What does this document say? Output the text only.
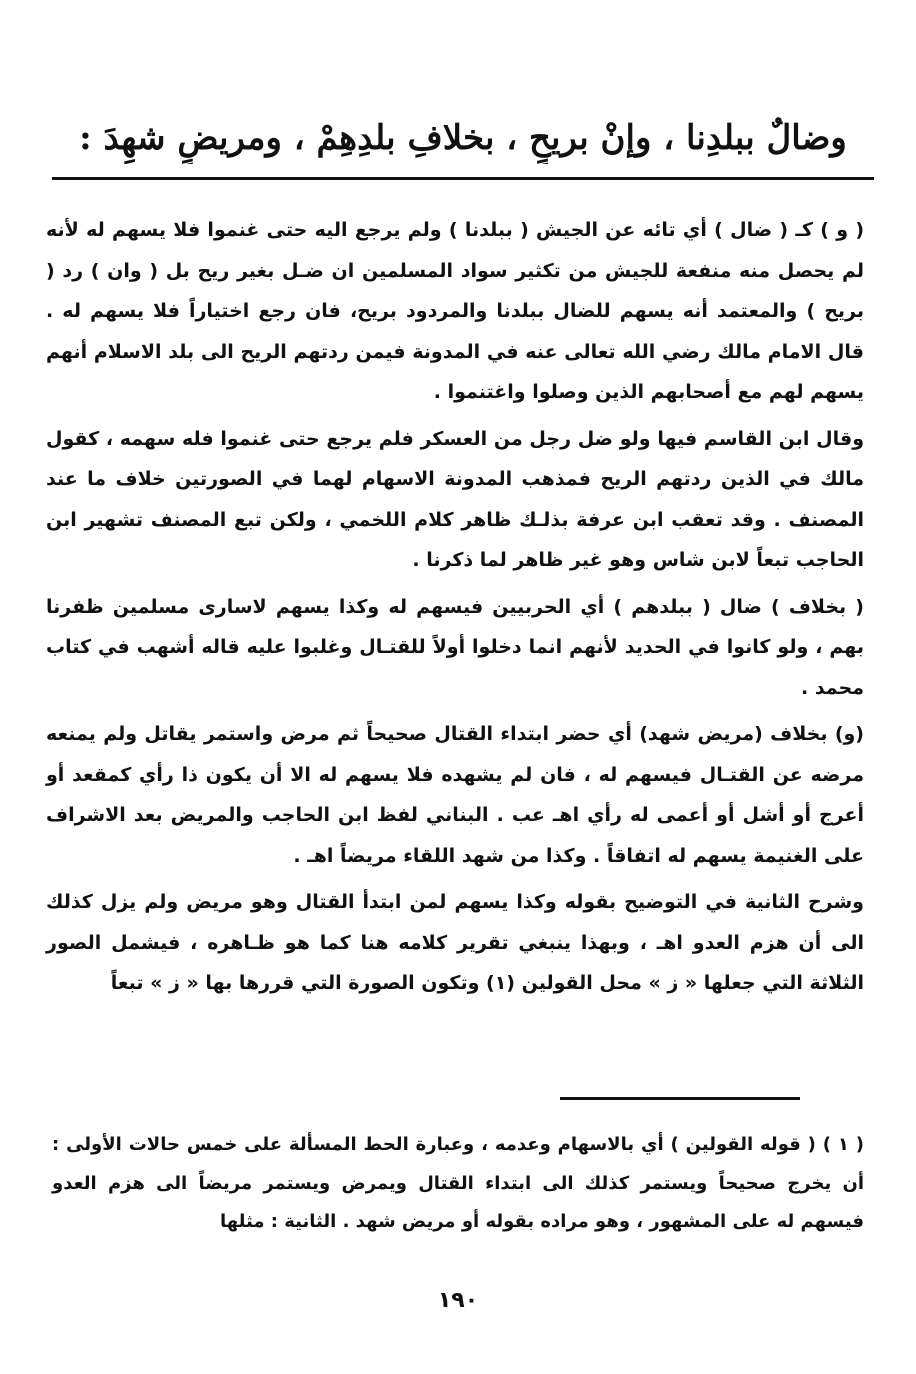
وضالٌ ببلدِنا ، وإنْ بريحٍ ، بخلافِ بلدِهِمْ ، ومريضٍ شهِدَ :

( و ) كـ ( ضال ) أي تائه عن الجيش ( ببلدنا ) ولم يرجع اليه حتى غنموا فلا يسهم له لأنه لم يحصل منه منفعة للجيش من تكثير سواد المسلمين ان ضـل بغير ريح بل ( وان ) رد ( بريح ) والمعتمد أنه يسهم للضال ببلدنا والمردود بريح، فان رجع اختياراً فلا يسهم له . قال الامام مالك رضي الله تعالى عنه في المدونة فيمن ردتهم الريح الى بلد الاسلام أنهم يسهم لهم مع أصحابهم الذين وصلوا واغتنموا .

وقال ابن القاسم فيها ولو ضل رجل من العسكر فلم يرجع حتى غنموا فله سهمه ، كقول مالك في الذين ردتهم الريح فمذهب المدونة الاسهام لهما في الصورتين خلاف ما عند المصنف . وقد تعقب ابن عرفة بذلـك ظاهر كلام اللخمي ، ولكن تبع المصنف تشهير ابن الحاجب تبعاً لابن شاس وهو غير ظاهر لما ذكرنا .

( بخلاف ) ضال ( ببلدهم ) أي الحربيين فيسهم له وكذا يسهم لاسارى مسلمين ظفرنا بهم ، ولو كانوا في الحديد لأنهم انما دخلوا أولاً للقتـال وغلبوا عليه قاله أشهب في كتاب محمد .

(و) بخلاف (مريض شهد) أي حضر ابتداء القتال صحيحاً ثم مرض واستمر يقاتل ولم يمنعه مرضه عن القتـال فيسهم له ، فان لم يشهده فلا يسهم له الا أن يكون ذا رأي كمقعد أو أعرج أو أشل أو أعمى له رأي اهـ عب . البناني لفظ ابن الحاجب والمريض بعد الاشراف على الغنيمة يسهم له اتفاقاً . وكذا من شهد اللقاء مريضاً اهـ .

وشرح الثانية في التوضيح بقوله وكذا يسهم لمن ابتدأ القتال وهو مريض ولم يزل كذلك الى أن هزم العدو اهـ ، وبهذا ينبغي تقرير كلامه هنا كما هو ظـاهره ، فيشمل الصور الثلاثة التي جعلها « ز » محل القولين (١) وتكون الصورة التي قررها بها « ز » تبعاً

( ١ ) ( قوله القولين ) أي بالاسهام وعدمه ، وعبارة الحط المسألة على خمس حالات الأولى : أن يخرج صحيحاً ويستمر كذلك الى ابتداء القتال ويمرض ويستمر مريضاً الى هزم العدو فيسهم له على المشهور ، وهو مراده بقوله أو مريض شهد . الثانية : مثلها
١٩٠
